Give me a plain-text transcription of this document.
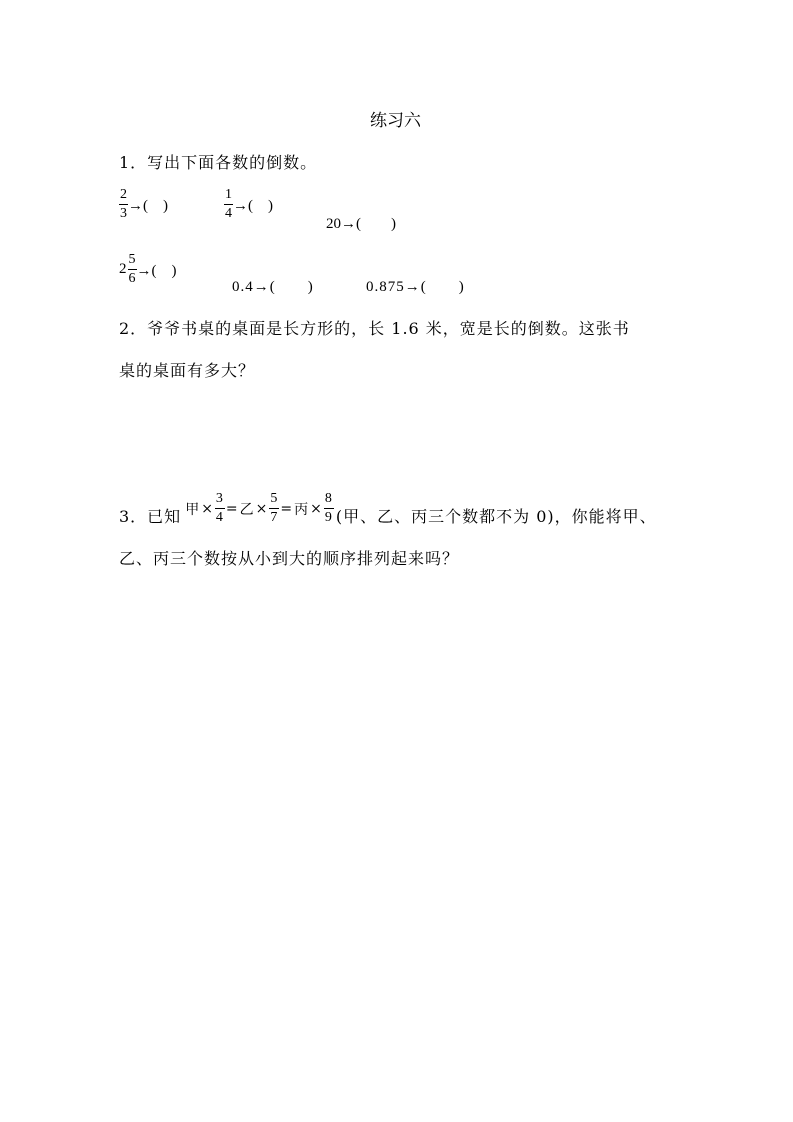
练习六
1．写出下面各数的倒数。
$\frac{2}{3}$ →(　)	$\frac{1}{4}$ →(　)
20→(　　)
$2 \frac{5}{6}$ →(　)
0.4→(　　)	0.875→(　　)
2．爷爷书桌的桌面是长方形的，长 1.6 米，宽是长的倒数。这张书
桌的桌面有多大？
3．已知 甲 × $\frac{3}{4}$ = 乙 × $\frac{5}{7}$ = 丙 × $\frac{8}{9}$ (甲、乙、丙三个数都不为 0)，你能将甲、
乙、丙三个数按从小到大的顺序排列起来吗？
